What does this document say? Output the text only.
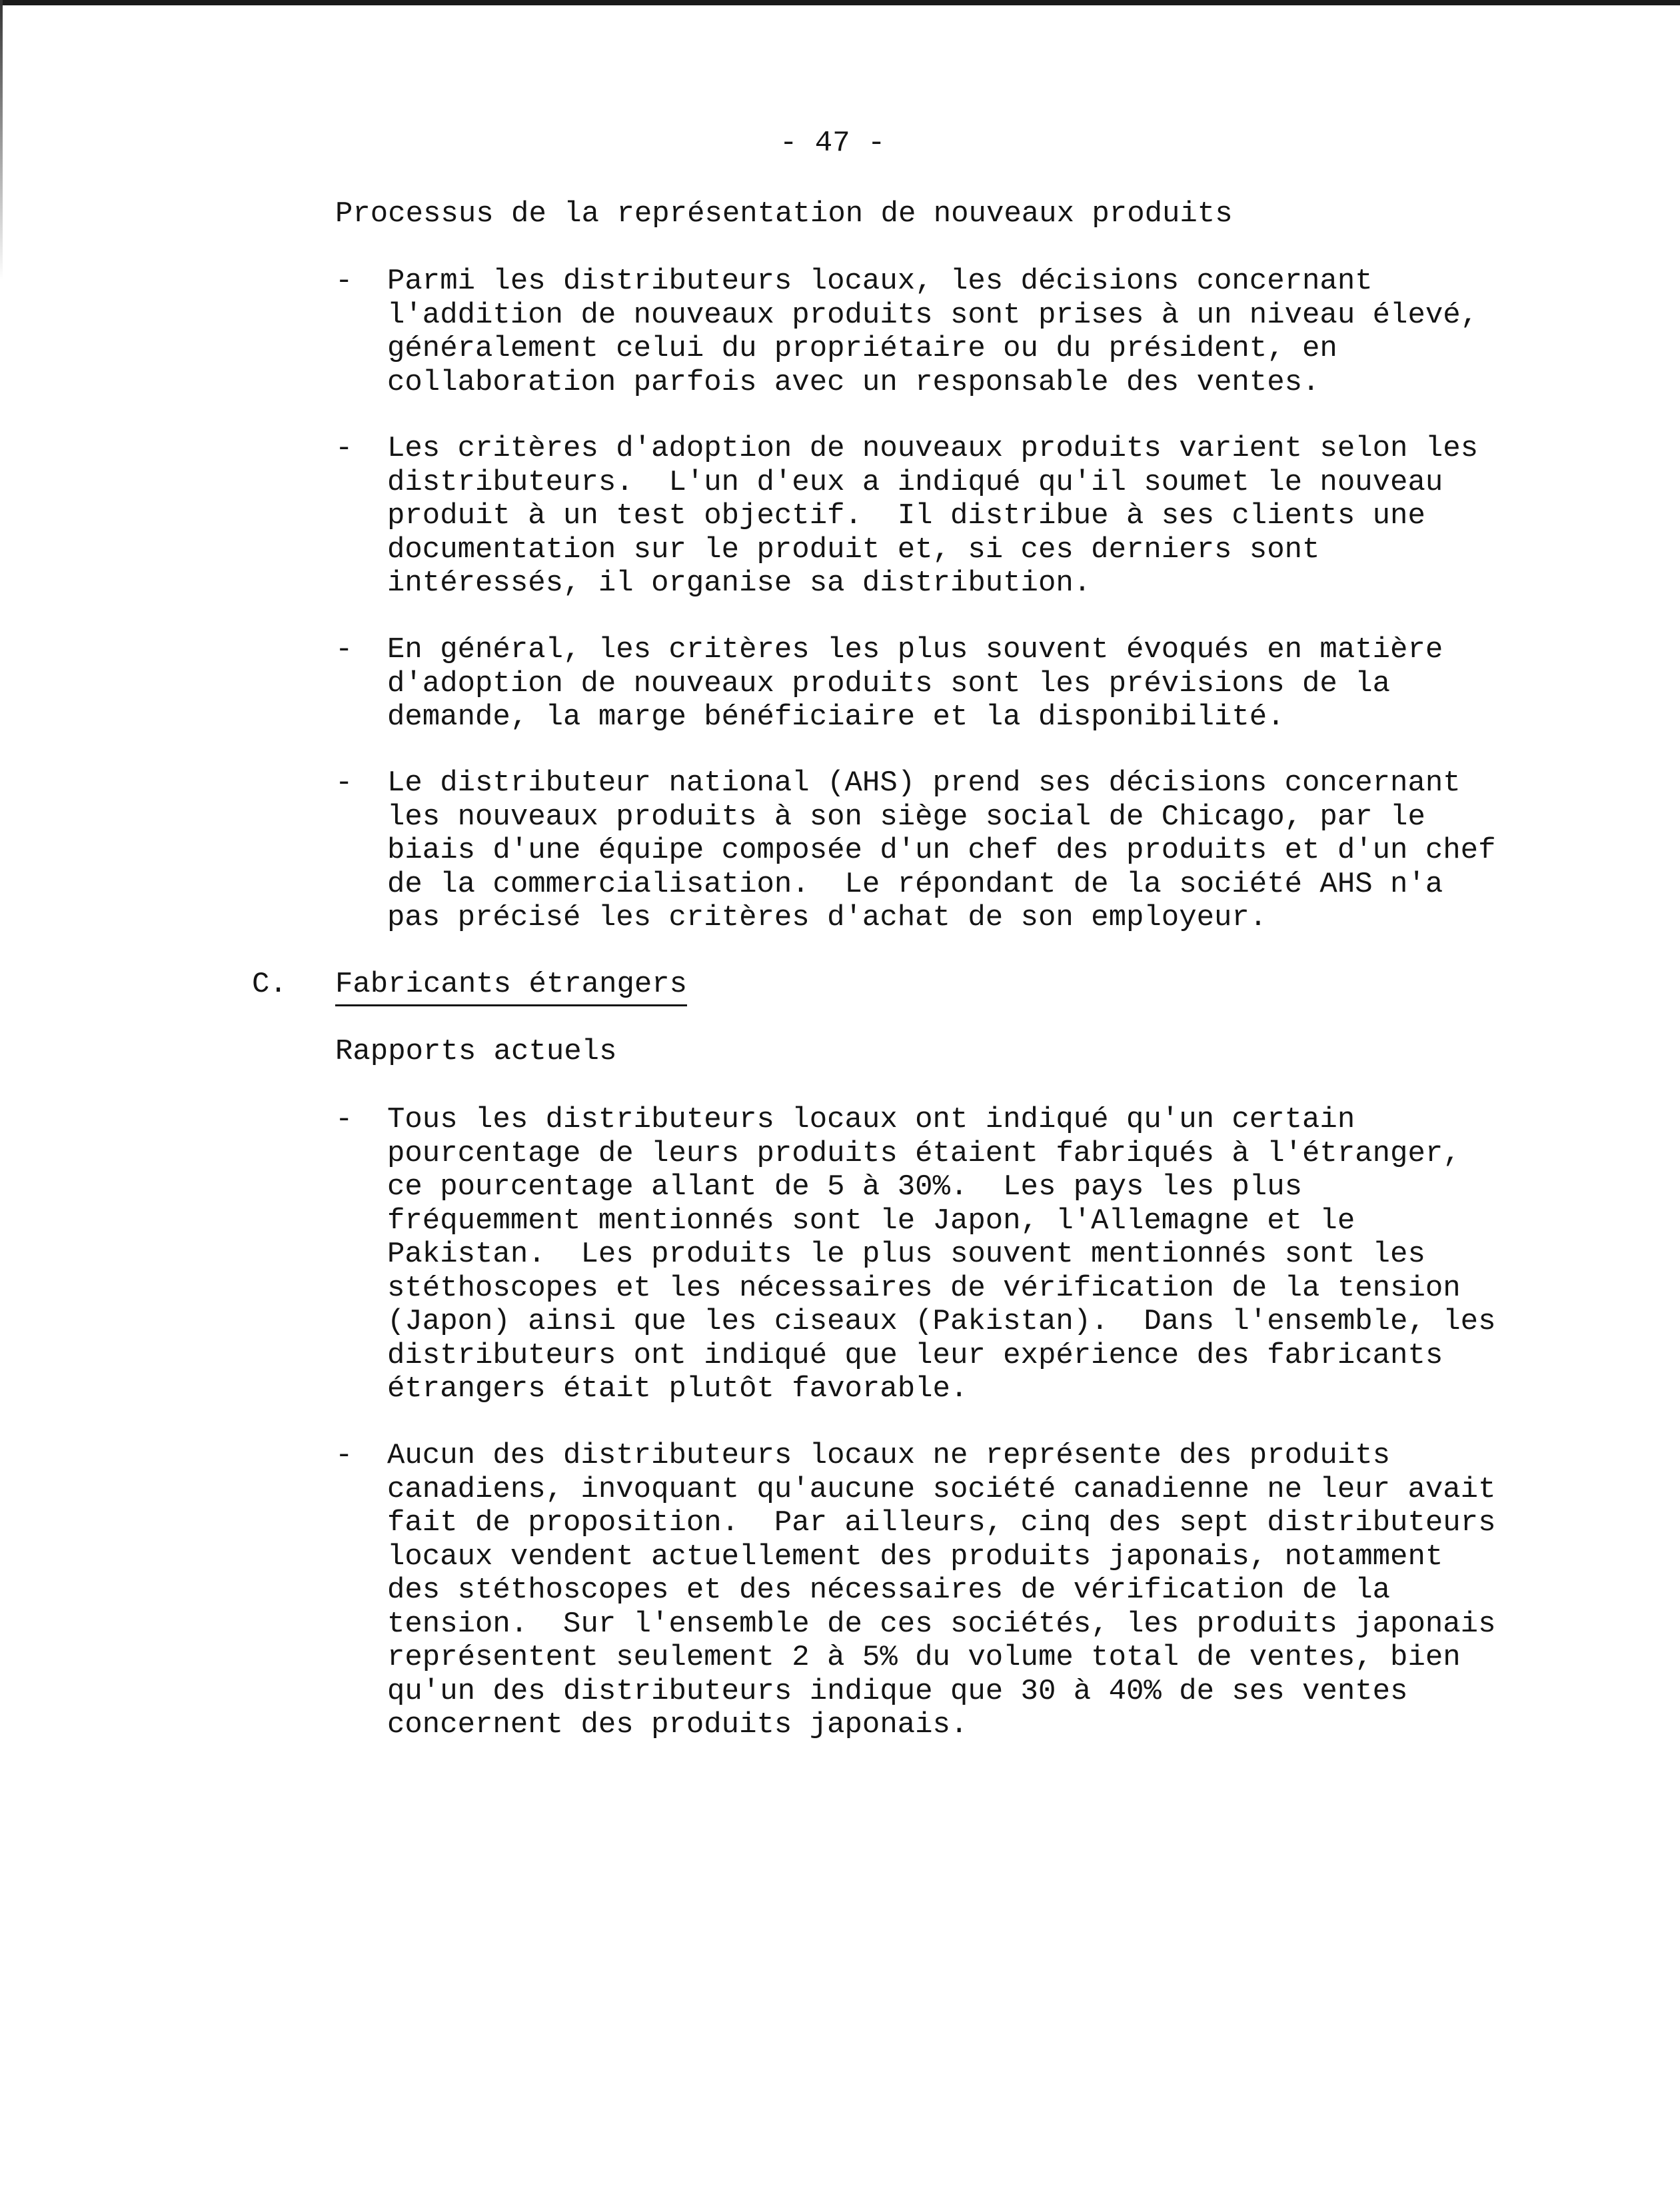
- 47 -
Processus de la représentation de nouveaux produits
- Parmi les distributeurs locaux, les décisions concernant
l'addition de nouveaux produits sont prises à un niveau élevé,
généralement celui du propriétaire ou du président, en
collaboration parfois avec un responsable des ventes.
- Les critères d'adoption de nouveaux produits varient selon les
distributeurs.  L'un d'eux a indiqué qu'il soumet le nouveau
produit à un test objectif.  Il distribue à ses clients une
documentation sur le produit et, si ces derniers sont
intéressés, il organise sa distribution.
- En général, les critères les plus souvent évoqués en matière
d'adoption de nouveaux produits sont les prévisions de la
demande, la marge bénéficiaire et la disponibilité.
- Le distributeur national (AHS) prend ses décisions concernant
les nouveaux produits à son siège social de Chicago, par le
biais d'une équipe composée d'un chef des produits et d'un chef
de la commercialisation.  Le répondant de la société AHS n'a
pas précisé les critères d'achat de son employeur.
C. Fabricants étrangers
Rapports actuels
- Tous les distributeurs locaux ont indiqué qu'un certain
pourcentage de leurs produits étaient fabriqués à l'étranger,
ce pourcentage allant de 5 à 30%.  Les pays les plus
fréquemment mentionnés sont le Japon, l'Allemagne et le
Pakistan.  Les produits le plus souvent mentionnés sont les
stéthoscopes et les nécessaires de vérification de la tension
(Japon) ainsi que les ciseaux (Pakistan).  Dans l'ensemble, les
distributeurs ont indiqué que leur expérience des fabricants
étrangers était plutôt favorable.
- Aucun des distributeurs locaux ne représente des produits
canadiens, invoquant qu'aucune société canadienne ne leur avait
fait de proposition.  Par ailleurs, cinq des sept distributeurs
locaux vendent actuellement des produits japonais, notamment
des stéthoscopes et des nécessaires de vérification de la
tension.  Sur l'ensemble de ces sociétés, les produits japonais
représentent seulement 2 à 5% du volume total de ventes, bien
qu'un des distributeurs indique que 30 à 40% de ses ventes
concernent des produits japonais.
